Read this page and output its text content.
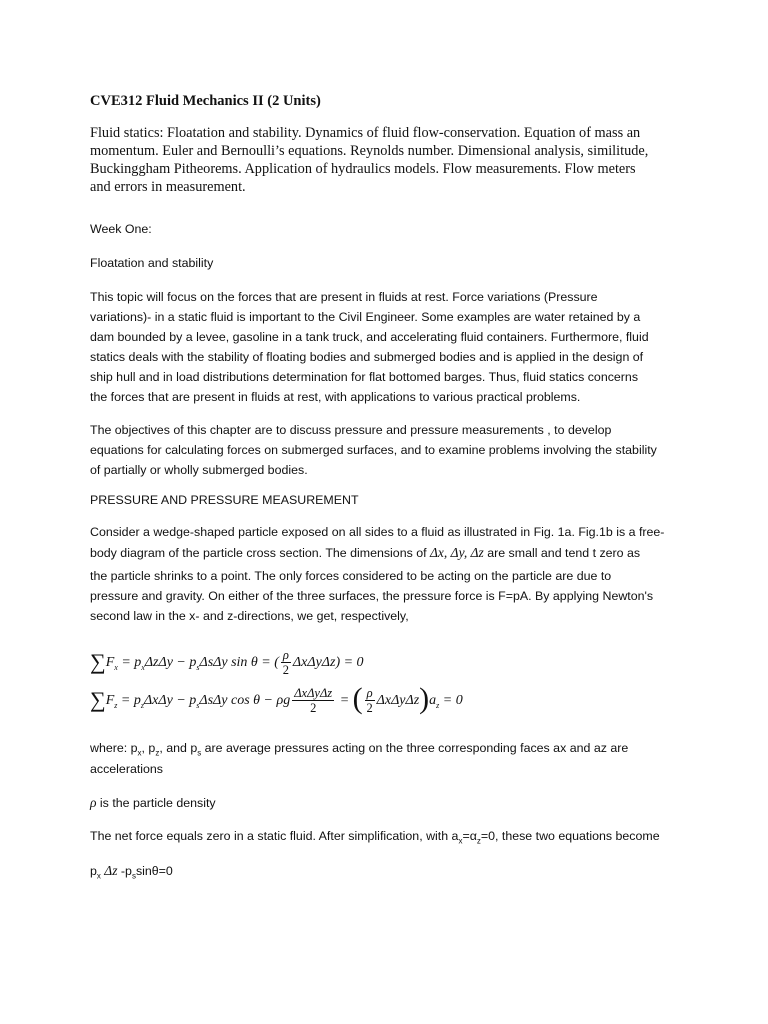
CVE312 Fluid Mechanics II (2 Units)
Fluid statics: Floatation and stability. Dynamics of fluid flow-conservation. Equation of mass an
momentum. Euler and Bernoulli’s equations. Reynolds number. Dimensional analysis, similitude,
Buckinggham Pitheorems. Application of hydraulics models. Flow measurements. Flow meters
and errors in measurement.
Week One:
Floatation and stability
This topic will focus on the forces that are present in fluids at rest. Force variations (Pressure
variations)- in a static fluid is important to the Civil Engineer. Some examples are water retained by a
dam bounded by a levee, gasoline in a tank truck, and accelerating fluid containers. Furthermore, fluid
statics deals with the stability of floating bodies and submerged bodies and is applied in the design of
ship hull and in load distributions determination for flat bottomed barges. Thus, fluid statics concerns
the forces that are present in fluids at rest, with applications to various practical problems.
The objectives of this chapter are to discuss pressure and pressure measurements , to develop
equations for calculating forces on submerged surfaces, and to examine problems involving the stability
of partially or wholly submerged bodies.
PRESSURE AND PRESSURE MEASUREMENT
Consider a wedge-shaped particle exposed on all sides to a fluid as illustrated in Fig. 1a. Fig.1b is a free-
body diagram of the particle cross section. The dimensions of Δx, Δy, Δz are small and tend t zero as
the particle shrinks to a point. The only forces considered to be acting on the particle are due to
pressure and gravity. On either of the three surfaces, the pressure force is F=pA. By applying Newton's
second law in the x- and z-directions, we get, respectively,
$\sum F_x = p_x\Delta z\Delta y - p_s\Delta s\Delta y$ sin θ = ( $\frac{\rho}{2} \Delta x\Delta y\Delta z) = 0$
$\sum F_z = p_z\Delta x\Delta y - p_s\Delta s\Delta y$ cos θ − ρg $\frac{\text{ΔxΔyΔz}}{2}$ = ( $\frac{\rho}{2} \Delta x\Delta y\Delta z)a_z = 0$
where: $p_x$, $p_z$, and $p_s$ are average pressures acting on the three corresponding faces ax and az are
accelerations
ρ is the particle density
The net force equals zero in a static fluid. After simplification, with $a_x=\alpha_z=0$, these two equations become
$p_x$ Δz $-p_s\sin\theta=0$
